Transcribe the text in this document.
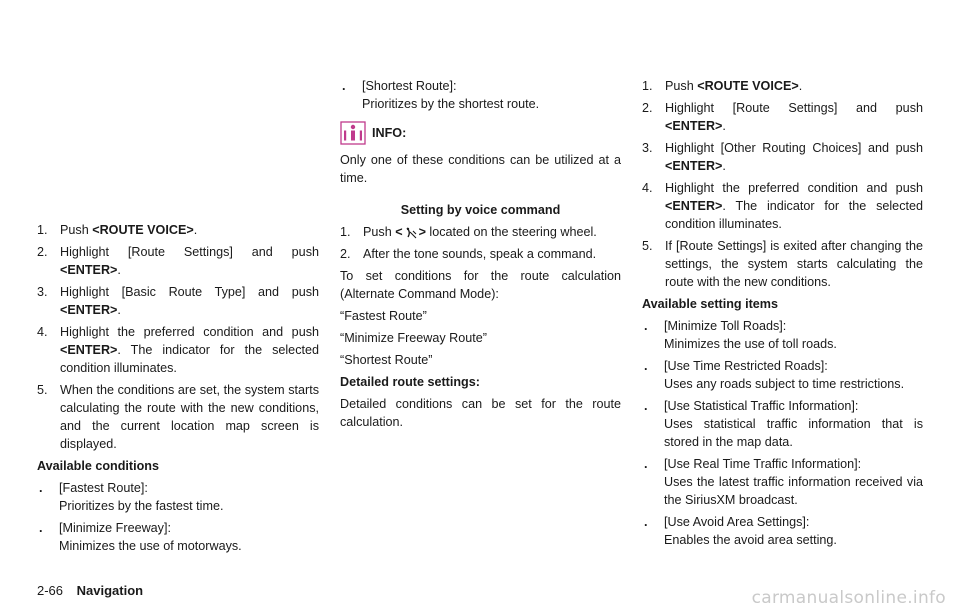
1. Push <ROUTE VOICE>.
2. Highlight [Route Settings] and push <ENTER>.
3. Highlight [Basic Route Type] and push <ENTER>.
4. Highlight the preferred condition and push <ENTER>. The indicator for the selected condition illuminates.
5. When the conditions are set, the system starts calculating the route with the new conditions, and the current location map screen is displayed.
Available conditions
. [Fastest Route]:
Prioritizes by the fastest time.
. [Minimize Freeway]:
Minimizes the use of motorways.
. [Shortest Route]:
Prioritizes by the shortest route.
INFO:
Only one of these conditions can be utilized at a time.
Setting by voice command
1. Push < > located on the steering wheel.
2. After the tone sounds, speak a command.
To set conditions for the route calculation (Alternate Command Mode):
“Fastest Route”
“Minimize Freeway Route”
“Shortest Route”
Detailed route settings:
Detailed conditions can be set for the route calculation.
1. Push <ROUTE VOICE>.
2. Highlight [Route Settings] and push <ENTER>.
3. Highlight [Other Routing Choices] and push <ENTER>.
4. Highlight the preferred condition and push <ENTER>. The indicator for the selected condition illuminates.
5. If [Route Settings] is exited after changing the settings, the system starts calculating the route with the new conditions.
Available setting items
. [Minimize Toll Roads]:
Minimizes the use of toll roads.
. [Use Time Restricted Roads]:
Uses any roads subject to time restrictions.
. [Use Statistical Traffic Information]:
Uses statistical traffic information that is stored in the map data.
. [Use Real Time Traffic Information]:
Uses the latest traffic information received via the SiriusXM broadcast.
. [Use Avoid Area Settings]:
Enables the avoid area setting.
2-66 Navigation	carmanualsonline.info
